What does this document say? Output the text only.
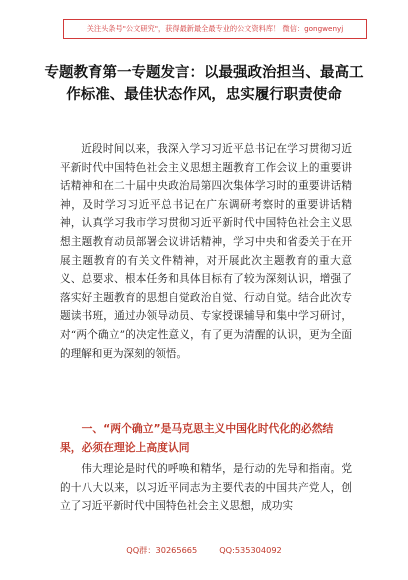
关注头条号"公文研究"，获得最新最全最专业的公文资料库！ 微信：gongwenyj
专题教育第一专题发言：以最强政治担当、最高工作标准、最佳状态作风，忠实履行职责使命
近段时间以来，我深入学习习近平总书记在学习贯彻习近平新时代中国特色社会主义思想主题教育工作会议上的重要讲话精神和在二十届中央政治局第四次集体学习时的重要讲话精神，及时学习习近平总书记在广东调研考察时的重要讲话精神，认真学习我市学习贯彻习近平新时代中国特色社会主义思想主题教育动员部署会议讲话精神，学习中央和省委关于在开展主题教育的有关文件精神，对开展此次主题教育的重大意义、总要求、根本任务和具体目标有了较为深刻认识，增强了落实好主题教育的思想自觉政治自觉、行动自觉。结合此次专题读书班，通过办领导动员、专家授课辅导和集中学习研讨，对“两个确立”的决定性意义，有了更为清醒的认识，更为全面的理解和更为深刻的领悟。
一、“两个确立”是马克思主义中国化时代化的必然结果，必须在理论上高度认同
伟大理论是时代的呼唤和精华，是行动的先导和指南。党的十八大以来，以习近平同志为主要代表的中国共产党人，创立了习近平新时代中国特色社会主义思想，成功实
QQ群：30265665	QQ:535304092
